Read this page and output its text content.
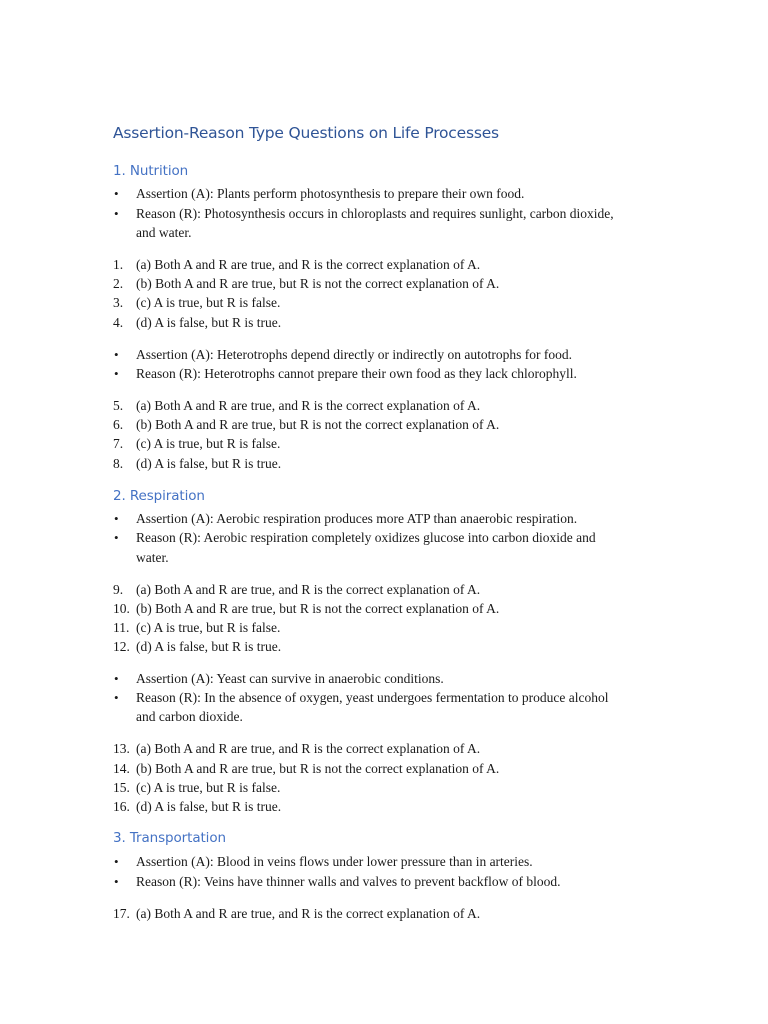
Assertion-Reason Type Questions on Life Processes
1. Nutrition
• Assertion (A): Plants perform photosynthesis to prepare their own food.
• Reason (R): Photosynthesis occurs in chloroplasts and requires sunlight, carbon dioxide,
and water.
1. (a) Both A and R are true, and R is the correct explanation of A.
2. (b) Both A and R are true, but R is not the correct explanation of A.
3. (c) A is true, but R is false.
4. (d) A is false, but R is true.
• Assertion (A): Heterotrophs depend directly or indirectly on autotrophs for food.
• Reason (R): Heterotrophs cannot prepare their own food as they lack chlorophyll.
5. (a) Both A and R are true, and R is the correct explanation of A.
6. (b) Both A and R are true, but R is not the correct explanation of A.
7. (c) A is true, but R is false.
8. (d) A is false, but R is true.
2. Respiration
• Assertion (A): Aerobic respiration produces more ATP than anaerobic respiration.
• Reason (R): Aerobic respiration completely oxidizes glucose into carbon dioxide and
water.
9. (a) Both A and R are true, and R is the correct explanation of A.
10. (b) Both A and R are true, but R is not the correct explanation of A.
11. (c) A is true, but R is false.
12. (d) A is false, but R is true.
• Assertion (A): Yeast can survive in anaerobic conditions.
• Reason (R): In the absence of oxygen, yeast undergoes fermentation to produce alcohol
and carbon dioxide.
13. (a) Both A and R are true, and R is the correct explanation of A.
14. (b) Both A and R are true, but R is not the correct explanation of A.
15. (c) A is true, but R is false.
16. (d) A is false, but R is true.
3. Transportation
• Assertion (A): Blood in veins flows under lower pressure than in arteries.
• Reason (R): Veins have thinner walls and valves to prevent backflow of blood.
17. (a) Both A and R are true, and R is the correct explanation of A.
